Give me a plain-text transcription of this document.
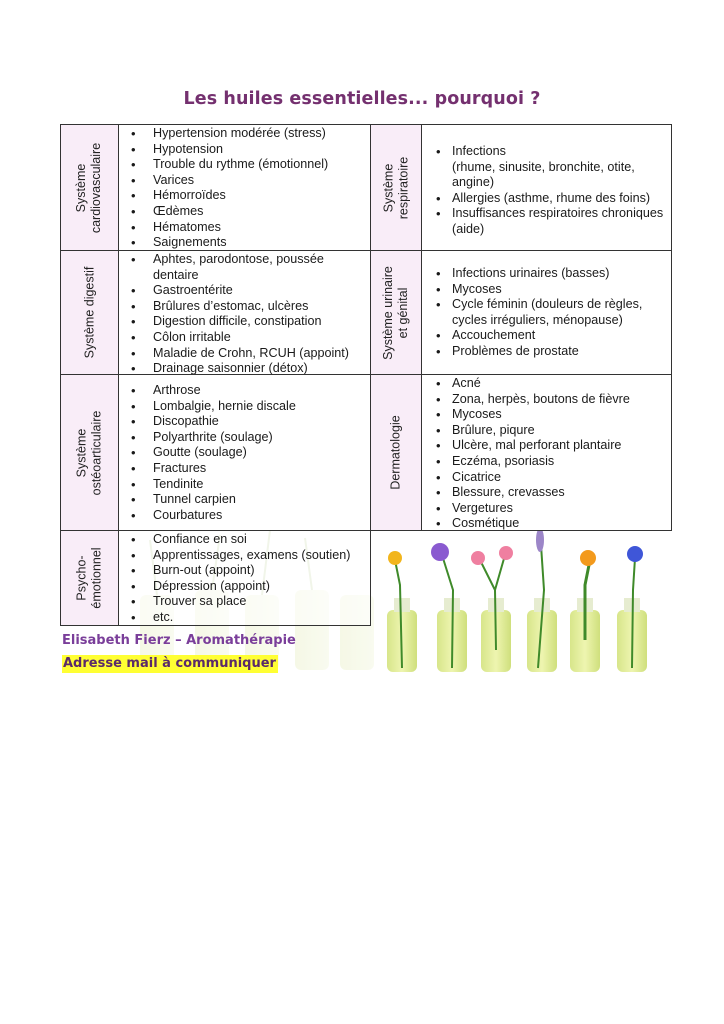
Les huiles essentielles... pourquoi ?
Système cardiovasculaire
• Hypertension modérée (stress)
• Hypotension
• Trouble du rythme (émotionnel)
• Varices
• Hémorroïdes
• Œdèmes
• Hématomes
• Saignements
Système respiratoire
• Infections
(rhume, sinusite, bronchite, otite, angine)
• Allergies (asthme, rhume des foins)
• Insuffisances respiratoires chroniques (aide)
Système digestif
• Aphtes, parodontose, poussée dentaire
• Gastroentérite
• Brûlures d’estomac, ulcères
• Digestion difficile, constipation
• Côlon irritable
• Maladie de Crohn, RCUH (appoint)
• Drainage saisonnier (détox)
Système urinaire et génital
• Infections urinaires (basses)
• Mycoses
• Cycle féminin (douleurs de règles, cycles irréguliers, ménopause)
• Accouchement
• Problèmes de prostate
Système ostéoarticulaire
• Arthrose
• Lombalgie, hernie discale
• Discopathie
• Polyarthrite (soulage)
• Goutte (soulage)
• Fractures
• Tendinite
• Tunnel carpien
• Courbatures
Dermatologie
• Acné
• Zona, herpès, boutons de fièvre
• Mycoses
• Brûlure, piqure
• Ulcère, mal perforant plantaire
• Eczéma, psoriasis
• Cicatrice
• Blessure, crevasses
• Vergetures
• Cosmétique
Psycho- émotionnel
• Confiance en soi
• Apprentissages, examens (soutien)
• Burn-out (appoint)
• Dépression (appoint)
• Trouver sa place
• etc.
Elisabeth Fierz – Aromathérapie
Adresse mail à communiquer
